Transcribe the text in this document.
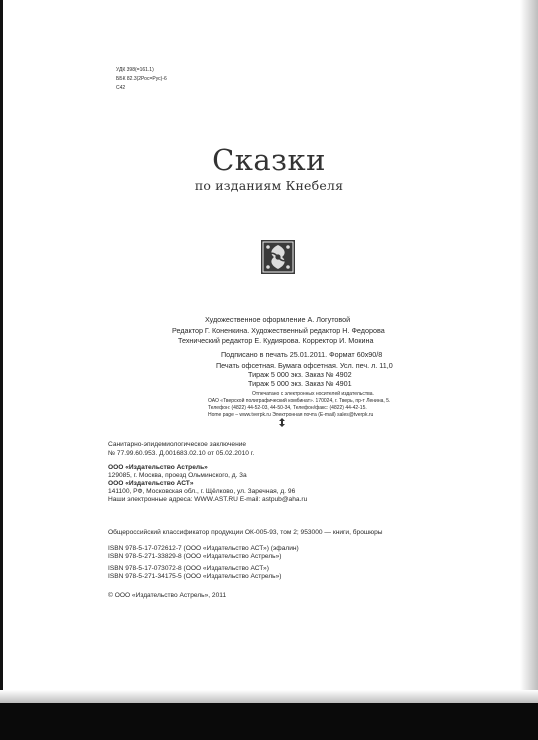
УДК 398(=161.1)
ББК 82.3(2Рос=Рус)-6
С42
Сказки
по изданиям Кнебеля
Художественное оформление А. Логутовой
Редактор Г. Коненкина. Художественный редактор Н. Федорова
Технический редактор Е. Кудиярова. Корректор И. Мокина
Подписано в печать 25.01.2011. Формат 60х90/8
Печать офсетная. Бумага офсетная. Усл. печ. л. 11,0
Тираж 5 000 экз. Заказ № 4902
Тираж 5 000 экз. Заказ № 4901
Отпечатано с электронных носителей издательства.
ОАО «Тверской полиграфический комбинат». 170024, г. Тверь, пр-т Ленина, 5.
Телефон: (4822) 44-52-03, 44-50-34, Телефон/факс: (4822) 44-42-15.
Home page – www.tverpk.ru Электронная почта (E-mail) sales@tverpk.ru
Санитарно-эпидемиологическое заключение
№ 77.99.60.953. Д.001683.02.10 от 05.02.2010 г.
ООО «Издательство Астрель»
129085, г. Москва, проезд Ольминского, д. 3а
ООО «Издательство АСТ»
141100, РФ, Московская обл., г. Щёлково, ул. Заречная, д. 96
Наши электронные адреса: WWW.AST.RU E-mail: astpub@aha.ru
Общероссийский классификатор продукции ОК-005-93, том 2; 953000 — книги, брошюры
ISBN 978-5-17-072612-7 (ООО «Издательство АСТ») (эфалин)
ISBN 978-5-271-33829-8 (ООО «Издательство Астрель»)
ISBN 978-5-17-073072-8 (ООО «Издательство АСТ»)
ISBN 978-5-271-34175-5 (ООО «Издательство Астрель»)
© ООО «Издательство Астрель», 2011
